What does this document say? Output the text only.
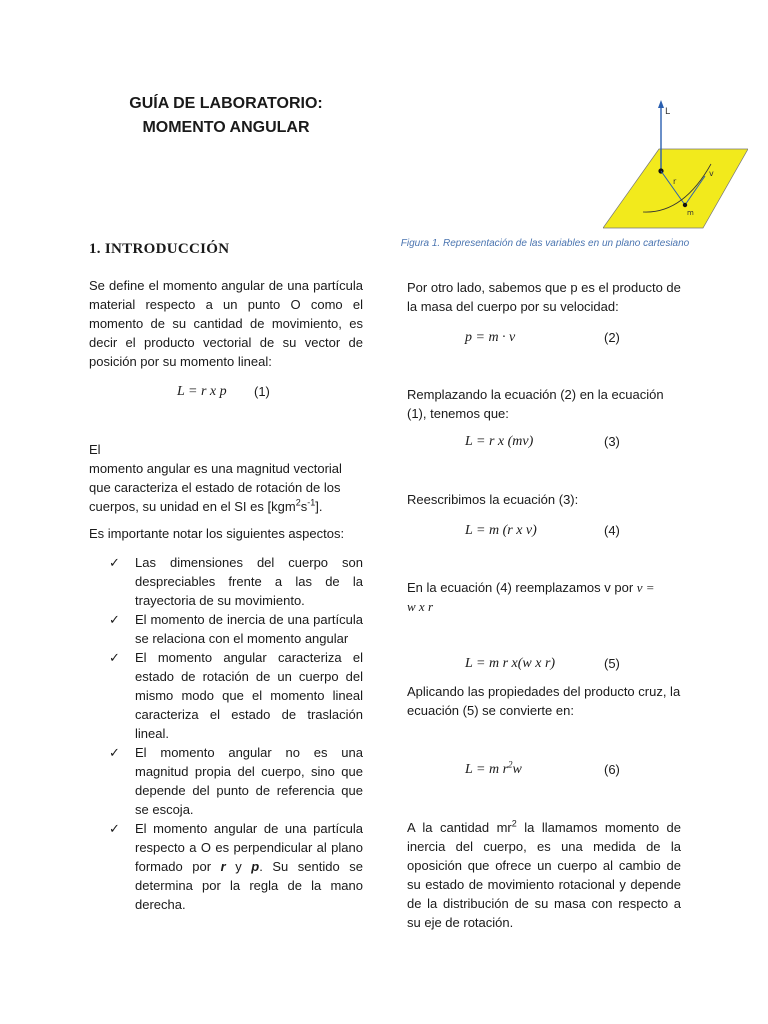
GUÍA DE LABORATORIO: MOMENTO ANGULAR
1. INTRODUCCIÓN

Se define el momento angular de una partícula material respecto a un punto O como el momento de su cantidad de movimiento, es decir el producto vectorial de su vector de posición por su momento lineal:

L = r x p (1)

El
momento angular es una magnitud vectorial que caracteriza el estado de rotación de los cuerpos, su unidad en el SI es $[kgm^2s^{-1}]$.

Es importante notar los siguientes aspectos:

✓ Las dimensiones del cuerpo son despreciables frente a las de la trayectoria de su movimiento.
✓ El momento de inercia de una partícula se relaciona con el momento angular
✓ El momento angular caracteriza el estado de rotación de un cuerpo del mismo modo que el momento lineal caracteriza el estado de traslación lineal.
✓ El momento angular no es una magnitud propia del cuerpo, sino que depende del punto de referencia que se escoja.
✓ El momento angular de una partícula respecto a O es perpendicular al plano formado por r y p. Su sentido se determina por la regla de la mano derecha.
L
r
v
m
Figura 1. Representación de las variables en un plano cartesiano

Por otro lado, sabemos que p es el producto de la masa del cuerpo por su velocidad:

p = m · v	(2)

Remplazando la ecuación (2) en la ecuación (1), tenemos que:

L = r x (mv)	(3)

Reescribimos la ecuación (3):

L = m (r x v)	(4)

En la ecuación (4) reemplazamos v por v =
w x r

L = m r x(w x r)	(5)

Aplicando las propiedades del producto cruz, la ecuación (5) se convierte en:

L = m $r^2w$	(6)

A la cantidad $mr^2$ la llamamos momento de inercia del cuerpo, es una medida de la oposición que ofrece un cuerpo al cambio de su estado de movimiento rotacional y depende de la distribución de su masa con respecto a su eje de rotación.
